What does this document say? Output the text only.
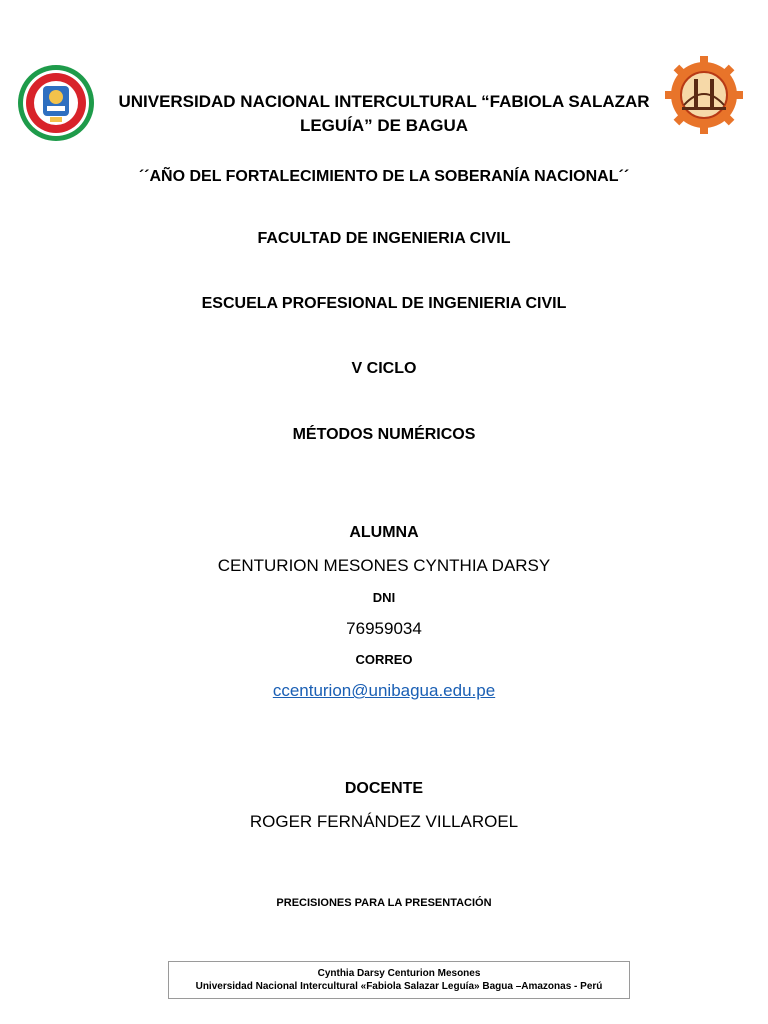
UNIVERSIDAD NACIONAL INTERCULTURAL “FABIOLA SALAZAR LEGUÍA” DE BAGUA
´´AÑO DEL FORTALECIMIENTO DE LA SOBERANÍA NACIONAL´´
FACULTAD DE INGENIERIA CIVIL
ESCUELA PROFESIONAL DE INGENIERIA CIVIL
V CICLO
MÉTODOS NUMÉRICOS
ALUMNA
CENTURION MESONES CYNTHIA DARSY
DNI
76959034
CORREO
ccenturion@unibagua.edu.pe
DOCENTE
ROGER FERNÁNDEZ VILLAROEL
PRECISIONES PARA LA PRESENTACIÓN
Cynthia Darsy Centurion Mesones
Universidad Nacional Intercultural «Fabiola Salazar Leguía» Bagua –Amazonas - Perú
